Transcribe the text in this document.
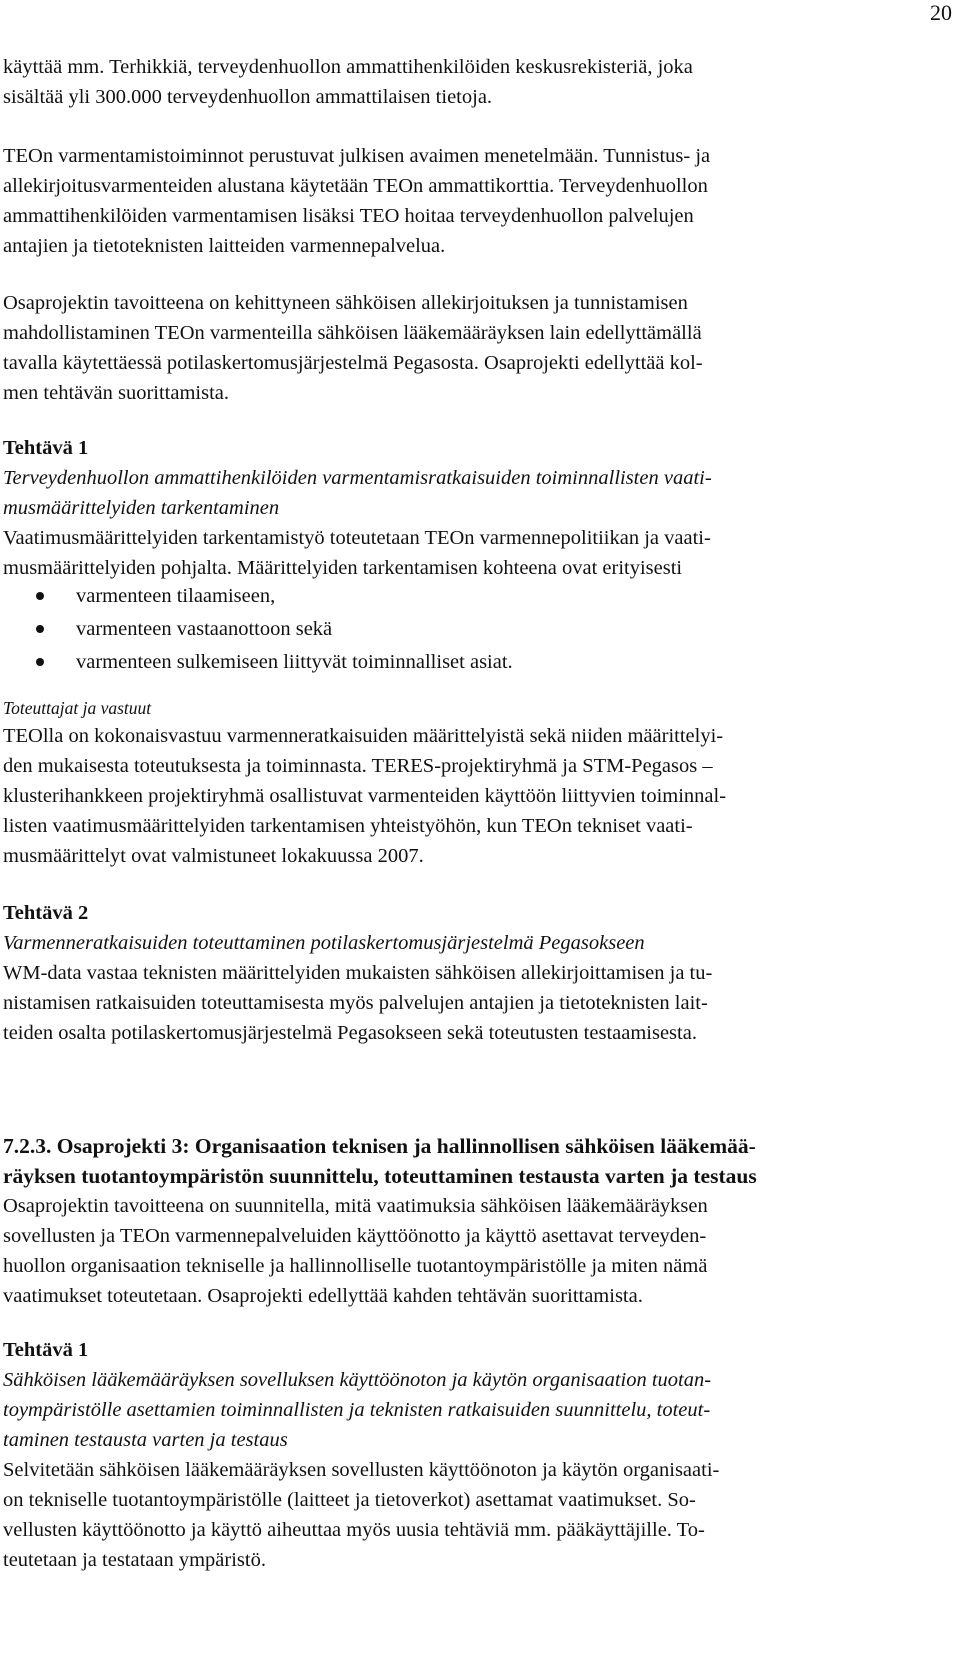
20
käyttää mm. Terhikkiä, terveydenhuollon ammattihenkilöiden keskusrekisteriä, joka
sisältää yli 300.000 terveydenhuollon ammattilaisen tietoja.
TEOn varmentamistoiminnot perustuvat julkisen avaimen menetelmään. Tunnistus- ja
allekirjoitusvarmenteiden alustana käytetään TEOn ammattikorttia. Terveydenhuollon
ammattihenkilöiden varmentamisen lisäksi TEO hoitaa terveydenhuollon palvelujen
antajien ja tietoteknisten laitteiden varmennepalvelua.
Osaprojektin tavoitteena on kehittyneen sähköisen allekirjoituksen ja tunnistamisen
mahdollistaminen TEOn varmenteilla sähköisen lääkemääräyksen lain edellyttämällä
tavalla käytettäessä potilaskertomusjärjestelmä Pegasosta. Osaprojekti edellyttää kol-
men tehtävän suorittamista.
Tehtävä 1
Terveydenhuollon ammattihenkilöiden varmentamisratkaisuiden toiminnallisten vaati-
musmäärittelyiden tarkentaminen
Vaatimusmäärittelyiden tarkentamistyö toteutetaan TEOn varmennepolitiikan ja vaati-
musmäärittelyiden pohjalta. Määrittelyiden tarkentamisen kohteena ovat erityisesti
varmenteen tilaamiseen,
varmenteen vastaanottoon sekä
varmenteen sulkemiseen liittyvät toiminnalliset asiat.
Toteuttajat ja vastuut
TEOlla on kokonaisvastuu varmenneratkaisuiden määrittelyistä sekä niiden määrittelyi-
den mukaisesta toteutuksesta ja toiminnasta. TERES-projektiryhmä ja STM-Pegasos –
klusterihankkeen projektiryhmä osallistuvat varmenteiden käyttöön liittyvien toiminnal-
listen vaatimusmäärittelyiden tarkentamisen yhteistyöhön, kun TEOn tekniset vaati-
musmäärittelyt ovat valmistuneet lokakuussa 2007.
Tehtävä 2
Varmenneratkaisuiden toteuttaminen potilaskertomusjärjestelmä Pegasokseen
WM-data vastaa teknisten määrittelyiden mukaisten sähköisen allekirjoittamisen ja tu-
nistamisen ratkaisuiden toteuttamisesta myös palvelujen antajien ja tietoteknisten lait-
teiden osalta potilaskertomusjärjestelmä Pegasokseen sekä toteutusten testaamisesta.
7.2.3. Osaprojekti 3: Organisaation teknisen ja hallinnollisen sähköisen lääkemää-
räyksen tuotantoympäristön suunnittelu, toteuttaminen testausta varten ja testaus
Osaprojektin tavoitteena on suunnitella, mitä vaatimuksia sähköisen lääkemääräyksen
sovellusten ja TEOn varmennepalveluiden käyttöönotto ja käyttö asettavat terveyden-
huollon organisaation tekniselle ja hallinnolliselle tuotantoympäristölle ja miten nämä
vaatimukset toteutetaan. Osaprojekti edellyttää kahden tehtävän suorittamista.
Tehtävä 1
Sähköisen lääkemääräyksen sovelluksen käyttöönoton ja käytön organisaation tuotan-
toympäristölle asettamien toiminnallisten ja teknisten ratkaisuiden suunnittelu, toteut-
taminen testausta varten ja testaus
Selvitetään sähköisen lääkemääräyksen sovellusten käyttöönoton ja käytön organisaati-
on tekniselle tuotantoympäristölle (laitteet ja tietoverkot) asettamat vaatimukset. So-
vellusten käyttöönotto ja käyttö aiheuttaa myös uusia tehtäviä mm. pääkäyttäjille. To-
teutetaan ja testataan ympäristö.
